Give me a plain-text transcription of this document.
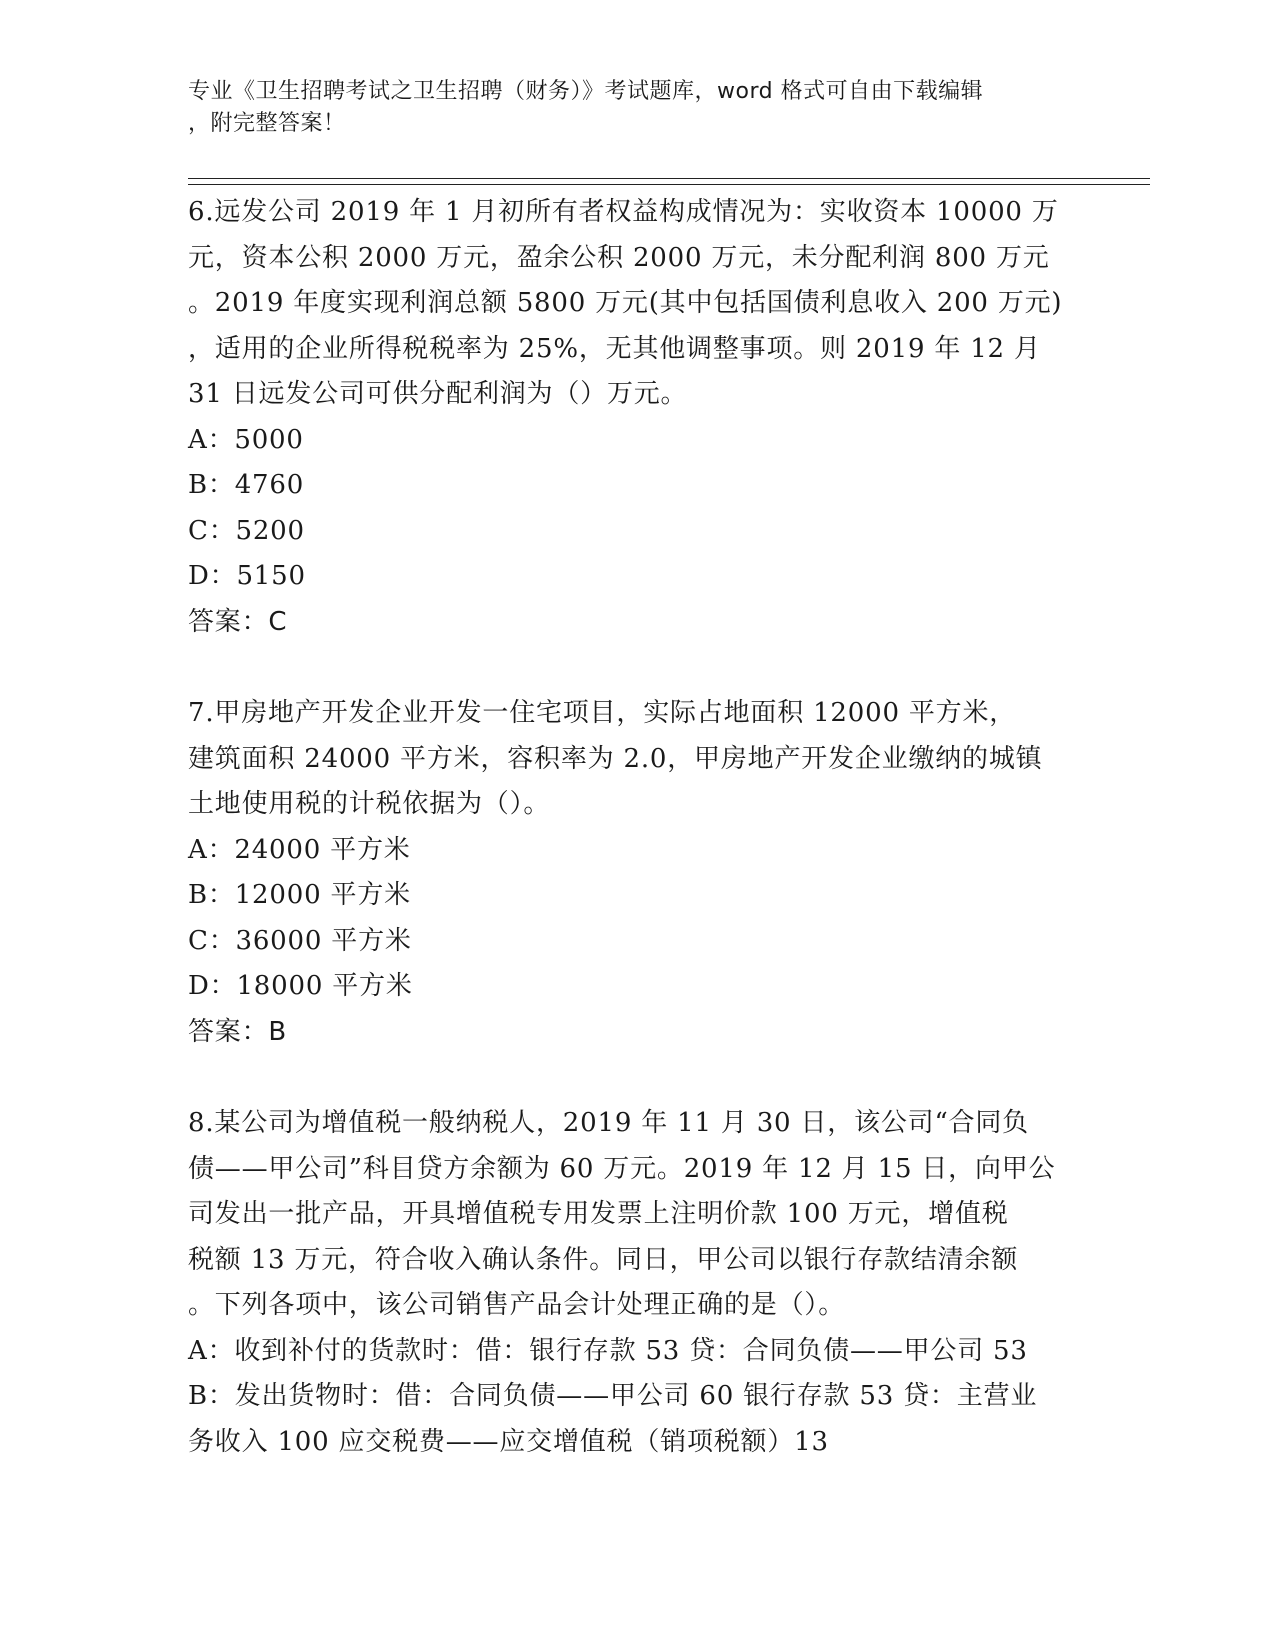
专业《卫生招聘考试之卫生招聘（财务）》考试题库，word 格式可自由下载编辑
，附完整答案！
6.远发公司 2019 年 1 月初所有者权益构成情况为：实收资本 10000 万
元，资本公积 2000 万元，盈余公积 2000 万元，未分配利润 800 万元
。2019 年度实现利润总额 5800 万元(其中包括国债利息收入 200 万元)
，适用的企业所得税税率为 25%，无其他调整事项。则 2019 年 12 月
31 日远发公司可供分配利润为（）万元。
A：5000
B：4760
C：5200
D：5150
答案：C
7.甲房地产开发企业开发一住宅项目，实际占地面积 12000 平方米，
建筑面积 24000 平方米，容积率为 2.0，甲房地产开发企业缴纳的城镇
土地使用税的计税依据为（）。
A：24000 平方米
B：12000 平方米
C：36000 平方米
D：18000 平方米
答案：B
8.某公司为增值税一般纳税人，2019 年 11 月 30 日，该公司“合同负
债——甲公司”科目贷方余额为 60 万元。2019 年 12 月 15 日，向甲公
司发出一批产品，开具增值税专用发票上注明价款 100 万元，增值税
税额 13 万元，符合收入确认条件。同日，甲公司以银行存款结清余额
。下列各项中，该公司销售产品会计处理正确的是（）。
A：收到补付的货款时：借：银行存款 53 贷：合同负债——甲公司 53
B：发出货物时：借：合同负债——甲公司 60 银行存款 53 贷：主营业
务收入 100 应交税费——应交增值税（销项税额）13
